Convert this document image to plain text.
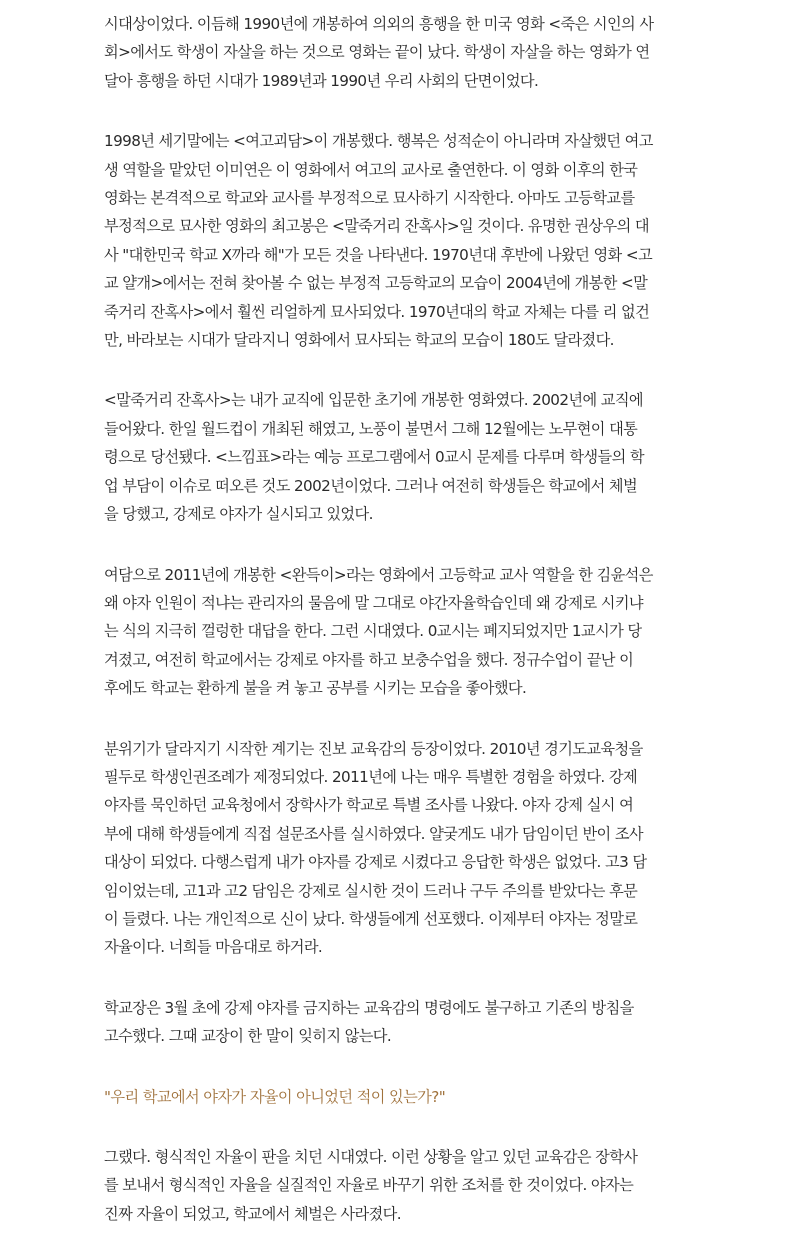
시대상이었다. 이듬해 1990년에 개봉하여 의외의 흥행을 한 미국 영화 <죽은 시인의 사
회>에서도 학생이 자살을 하는 것으로 영화는 끝이 났다. 학생이 자살을 하는 영화가 연
달아 흥행을 하던 시대가 1989년과 1990년 우리 사회의 단면이었다.

1998년 세기말에는 <여고괴담>이 개봉했다. 행복은 성적순이 아니라며 자살했던 여고
생 역할을 맡았던 이미연은 이 영화에서 여고의 교사로 출연한다. 이 영화 이후의 한국
영화는 본격적으로 학교와 교사를 부정적으로 묘사하기 시작한다. 아마도 고등학교를
부정적으로 묘사한 영화의 최고봉은 <말죽거리 잔혹사>일 것이다. 유명한 권상우의 대
사 "대한민국 학교 X까라 해"가 모든 것을 나타낸다. 1970년대 후반에 나왔던 영화 <고
교 얄개>에서는 전혀 찾아볼 수 없는 부정적 고등학교의 모습이 2004년에 개봉한 <말
죽거리 잔혹사>에서 훨씬 리얼하게 묘사되었다. 1970년대의 학교 자체는 다를 리 없건
만, 바라보는 시대가 달라지니 영화에서 묘사되는 학교의 모습이 180도 달라졌다.

<말죽거리 잔혹사>는 내가 교직에 입문한 초기에 개봉한 영화였다. 2002년에 교직에
들어왔다. 한일 월드컵이 개최된 해였고, 노풍이 불면서 그해 12월에는 노무현이 대통
령으로 당선됐다. <느낌표>라는 예능 프로그램에서 0교시 문제를 다루며 학생들의 학
업 부담이 이슈로 떠오른 것도 2002년이었다. 그러나 여전히 학생들은 학교에서 체벌
을 당했고, 강제로 야자가 실시되고 있었다.

여담으로 2011년에 개봉한 <완득이>라는 영화에서 고등학교 교사 역할을 한 김윤석은
왜 야자 인원이 적냐는 관리자의 물음에 말 그대로 야간자율학습인데 왜 강제로 시키냐
는 식의 지극히 껄렁한 대답을 한다. 그런 시대였다. 0교시는 폐지되었지만 1교시가 당
겨졌고, 여전히 학교에서는 강제로 야자를 하고 보충수업을 했다. 정규수업이 끝난 이
후에도 학교는 환하게 불을 켜 놓고 공부를 시키는 모습을 좋아했다.

분위기가 달라지기 시작한 계기는 진보 교육감의 등장이었다. 2010년 경기도교육청을
필두로 학생인권조례가 제정되었다. 2011년에 나는 매우 특별한 경험을 하였다. 강제
야자를 묵인하던 교육청에서 장학사가 학교로 특별 조사를 나왔다. 야자 강제 실시 여
부에 대해 학생들에게 직접 설문조사를 실시하였다. 얄궂게도 내가 담임이던 반이 조사
대상이 되었다. 다행스럽게 내가 야자를 강제로 시켰다고 응답한 학생은 없었다. 고3 담
임이었는데, 고1과 고2 담임은 강제로 실시한 것이 드러나 구두 주의를 받았다는 후문
이 들렸다. 나는 개인적으로 신이 났다. 학생들에게 선포했다. 이제부터 야자는 정말로
자율이다. 너희들 마음대로 하거라.

학교장은 3월 초에 강제 야자를 금지하는 교육감의 명령에도 불구하고 기존의 방침을
고수했다. 그때 교장이 한 말이 잊히지 않는다.

"우리 학교에서 야자가 자율이 아니었던 적이 있는가?"

그랬다. 형식적인 자율이 판을 치던 시대였다. 이런 상황을 알고 있던 교육감은 장학사
를 보내서 형식적인 자율을 실질적인 자율로 바꾸기 위한 조처를 한 것이었다. 야자는
진짜 자율이 되었고, 학교에서 체벌은 사라졌다.
